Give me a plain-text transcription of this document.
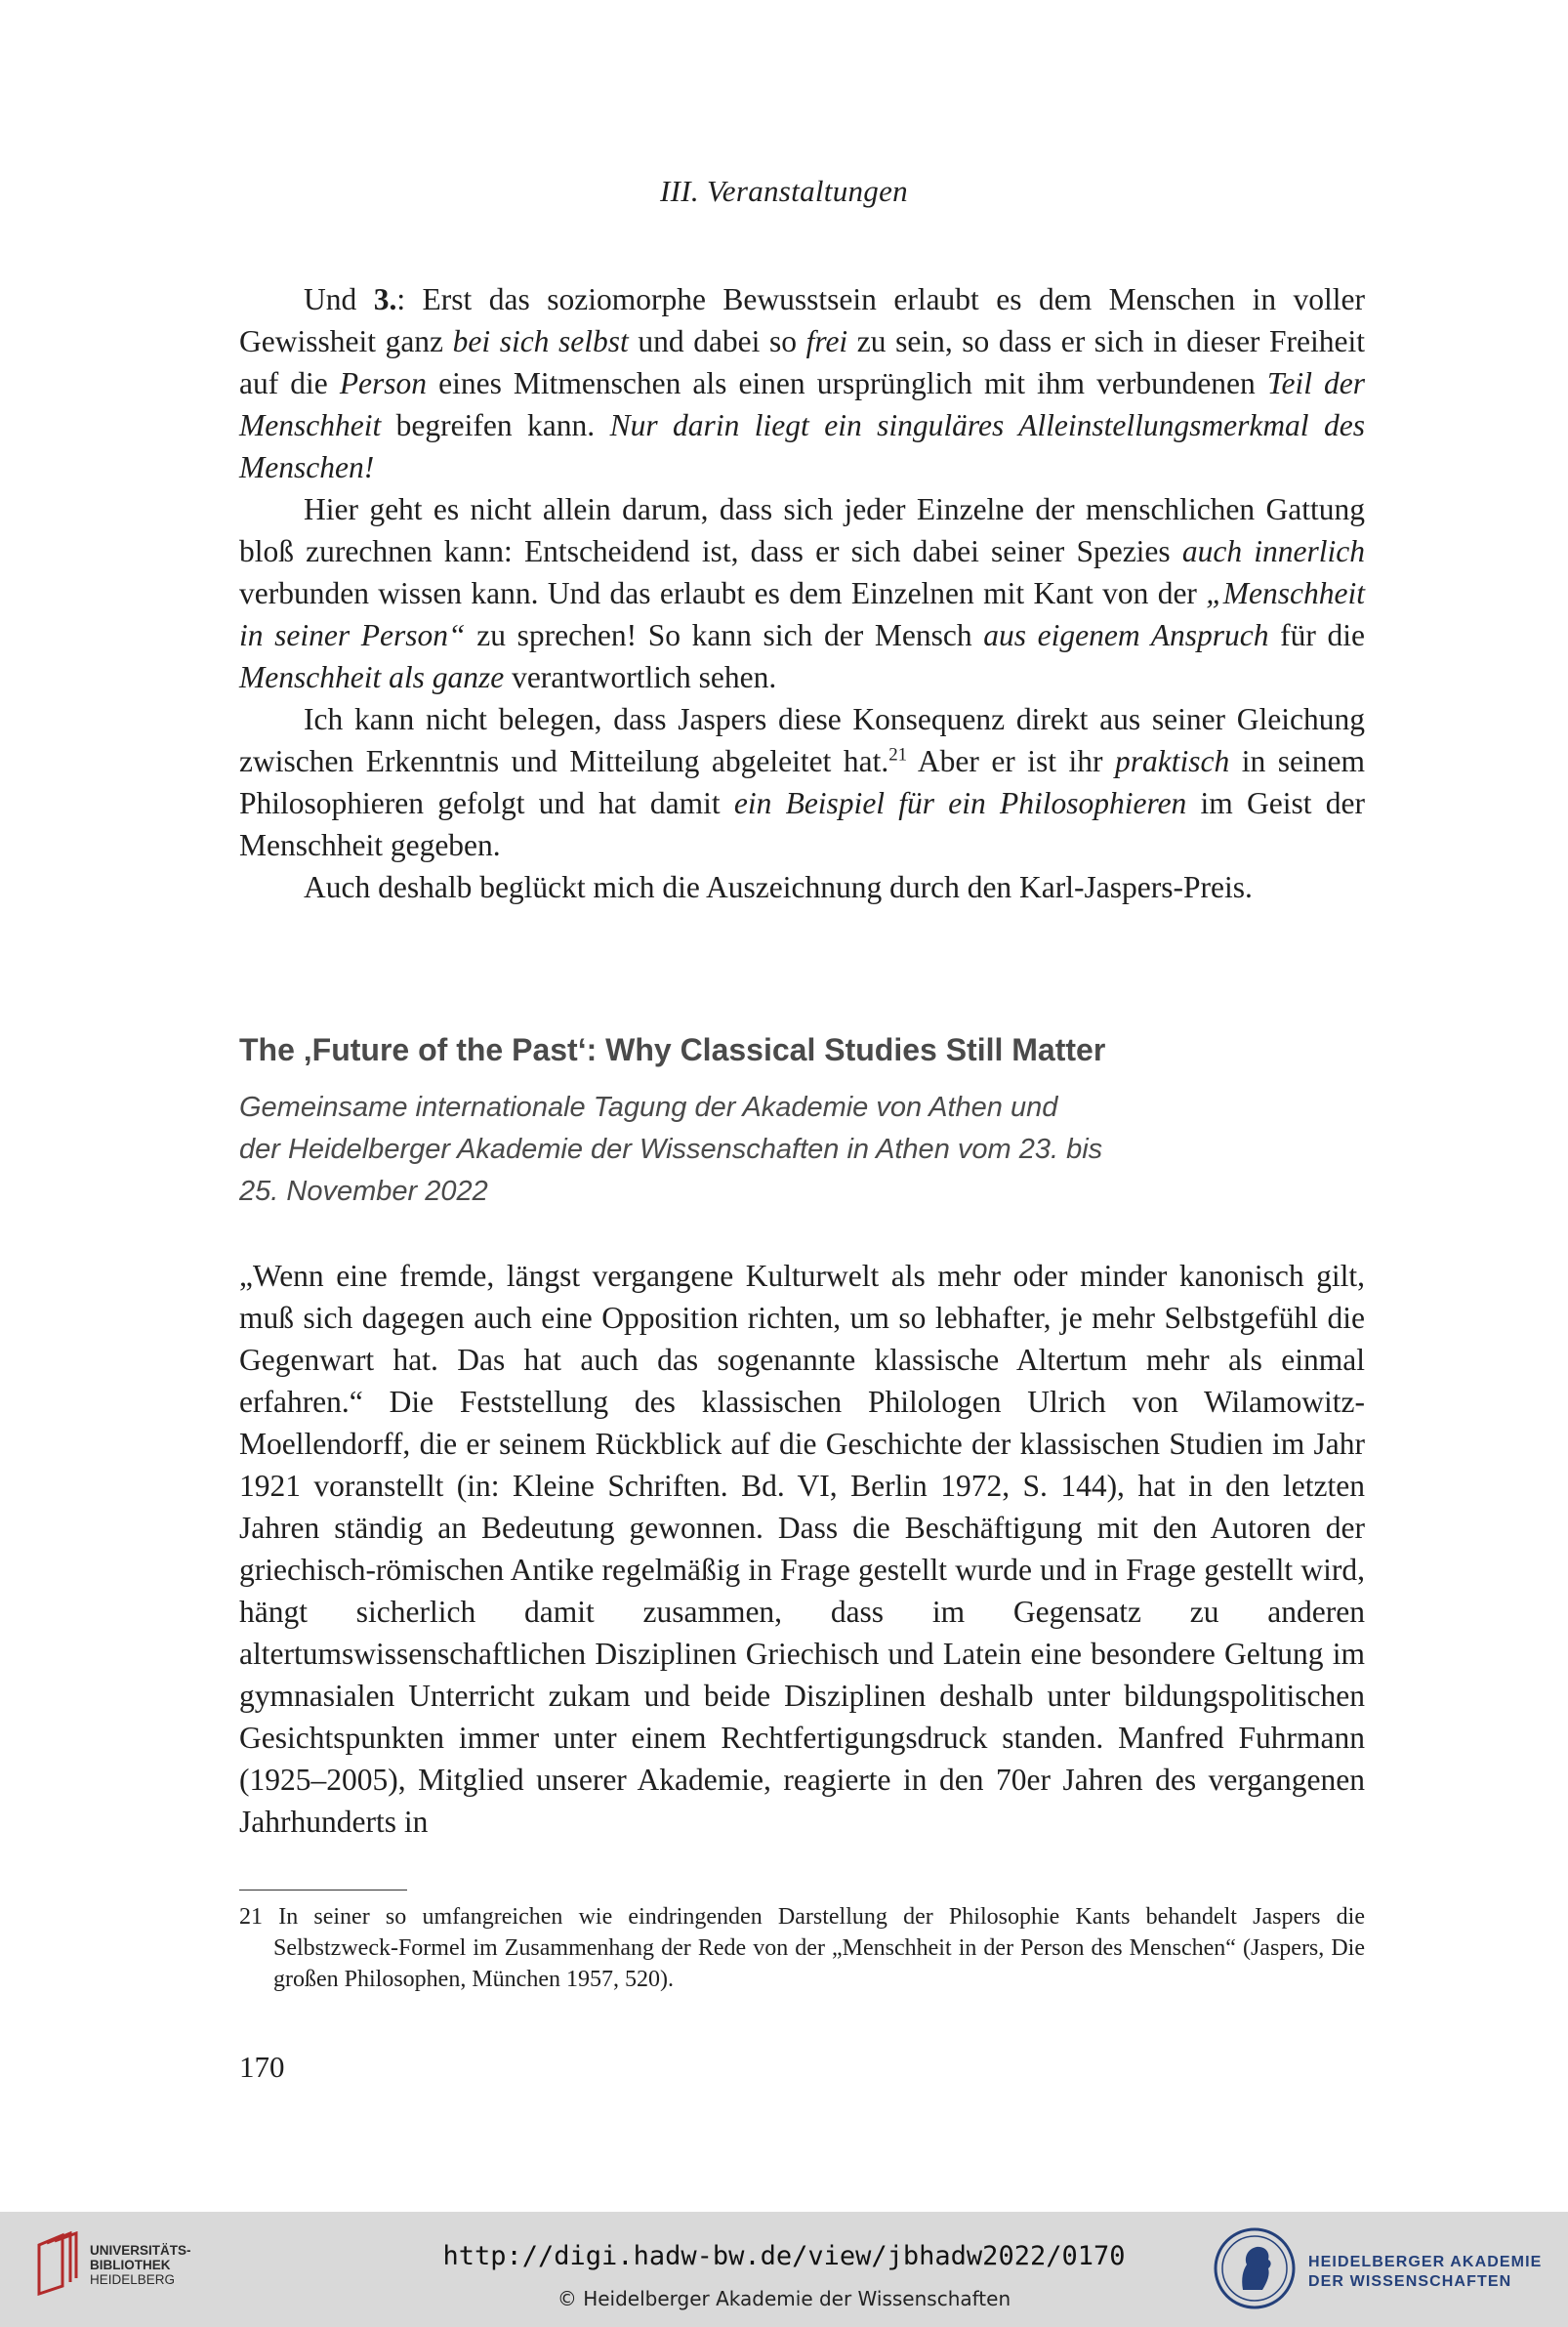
III. Veranstaltungen

Und 3.: Erst das soziomorphe Bewusstsein erlaubt es dem Menschen in voller Gewissheit ganz bei sich selbst und dabei so frei zu sein, so dass er sich in dieser Freiheit auf die Person eines Mitmenschen als einen ursprünglich mit ihm verbundenen Teil der Menschheit begreifen kann. Nur darin liegt ein singuläres Alleinstellungsmerkmal des Menschen!

Hier geht es nicht allein darum, dass sich jeder Einzelne der menschlichen Gattung bloß zurechnen kann: Entscheidend ist, dass er sich dabei seiner Spezies auch innerlich verbunden wissen kann. Und das erlaubt es dem Einzelnen mit Kant von der „Menschheit in seiner Person“ zu sprechen! So kann sich der Mensch aus eigenem Anspruch für die Menschheit als ganze verantwortlich sehen.

Ich kann nicht belegen, dass Jaspers diese Konsequenz direkt aus seiner Gleichung zwischen Erkenntnis und Mitteilung abgeleitet hat.$^{21}$ Aber er ist ihr praktisch in seinem Philosophieren gefolgt und hat damit ein Beispiel für ein Philosophieren im Geist der Menschheit gegeben.

Auch deshalb beglückt mich die Auszeichnung durch den Karl-Jaspers-Preis.

The ‚Future of the Past‘: Why Classical Studies Still Matter
Gemeinsame internationale Tagung der Akademie von Athen und
der Heidelberger Akademie der Wissenschaften in Athen vom 23. bis
25. November 2022

„Wenn eine fremde, längst vergangene Kulturwelt als mehr oder minder kanonisch gilt, muß sich dagegen auch eine Opposition richten, um so lebhafter, je mehr Selbstgefühl die Gegenwart hat. Das hat auch das sogenannte klassische Altertum mehr als einmal erfahren.“ Die Feststellung des klassischen Philologen Ulrich von Wilamowitz-Moellendorff, die er seinem Rückblick auf die Geschichte der klassischen Studien im Jahr 1921 voranstellt (in: Kleine Schriften. Bd. VI, Berlin 1972, S. 144), hat in den letzten Jahren ständig an Bedeutung gewonnen. Dass die Beschäftigung mit den Autoren der griechisch-römischen Antike regelmäßig in Frage gestellt wurde und in Frage gestellt wird, hängt sicherlich damit zusammen, dass im Gegensatz zu anderen altertumswissenschaftlichen Disziplinen Griechisch und Latein eine besondere Geltung im gymnasialen Unterricht zukam und beide Disziplinen deshalb unter bildungspolitischen Gesichtspunkten immer unter einem Rechtfertigungsdruck standen. Manfred Fuhrmann (1925–2005), Mitglied unserer Akademie, reagierte in den 70er Jahren des vergangenen Jahrhunderts in

21 In seiner so umfangreichen wie eindringenden Darstellung der Philosophie Kants behandelt Jaspers die Selbstzweck-Formel im Zusammenhang der Rede von der „Menschheit in der Person des Menschen“ (Jaspers, Die großen Philosophen, München 1957, 520).
170
UNIVERSITÄTS-
BIBLIOTHEK
HEIDELBERG
http://digi.hadw-bw.de/view/jbhadw2022/0170
© Heidelberger Akademie der Wissenschaften
HEIDELBERGER AKADEMIE
DER WISSENSCHAFTEN
